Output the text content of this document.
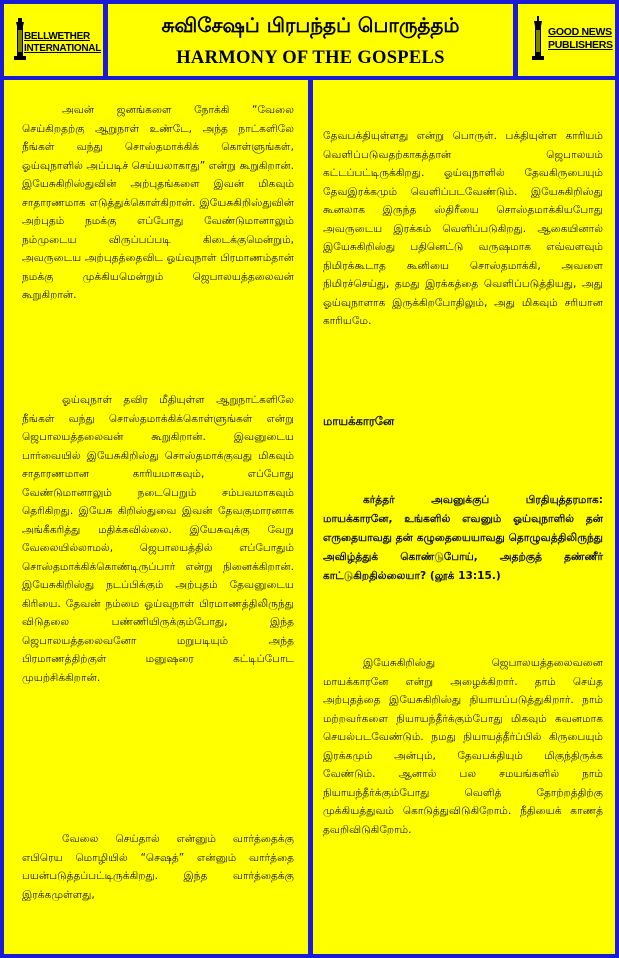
BELLWETHER
INTERNATIONAL
சுவிசேஷப் பிரபந்தப் பொருத்தம்
HARMONY OF THE GOSPELS
GOOD NEWS
PUBLISHERS

அவன் ஜனங்களை நோக்கி “வேலை செய்கிறதற்கு ஆறுநாள் உண்டே, அந்த நாட்களிலே நீங்கள் வந்து சொஸ்தமாக்கிக் கொள்ளுங்கள், ஓய்வுநாளில் அப்படிச் செய்யலாகாது” என்று கூறுகிறான். இயேசுகிறிஸ்துவின் அற்புதங்களை இவன் மிகவும் சாதாரணமாக எடுத்துக்கொள்கிறான். இயேசுகிறிஸ்துவின் அற்புதம் நமக்கு எப்போது வேண்டுமானாலும் நம்முடைய விருப்பப்படி கிடைக்குமென்றும், அவருடைய அற்புதத்தைவிட ஓய்வுநாள் பிரமாணம்தான் நமக்கு முக்கியமென்றும் ஜெபாலயத்தலைவன் கூறுகிறான்.

ஓய்வுநாள் தவிர மீதியுள்ள ஆறுநாட்களிலே நீங்கள் வந்து சொஸ்தமாக்கிக்கொள்ளுங்கள் என்று ஜெபாலயத்தலைவன் கூறுகிறான். இவனுடைய பார்வையில் இயேசுகிறிஸ்து சொஸ்தமாக்குவது மிகவும் சாதாரணமான காரியமாகவும், எப்போது வேண்டுமானாலும் நடைபெறும் சம்பவமாகவும் தெரிகிறது. இயேசு கிறிஸ்துவை இவன் தேவகுமாரனாக அங்கீகரித்து மதிக்கவில்லை. இயேசுவுக்கு வேறு வேலையில்லாமல், ஜெபாலயத்தில் எப்போதும் சொஸ்தமாக்கிக்கொண்டிருப்பார் என்று நினைக்கிறான். இயேசுகிறிஸ்து நடப்பிக்கும் அற்புதம் தேவனுடைய கிரியை. தேவன் நம்மை ஓய்வுநாள் பிரமாணத்திலிருந்து விடுதலை பண்ணியிருக்கும்போது, இந்த ஜெபாலயத்தலைவனோ மறுபடியும் அந்த பிரமாணத்திற்குள் மனுஷரை கட்டிப்போட முயற்சிக்கிறான்.

வேலை செய்தால் என்னும் வார்த்தைக்கு எபிரெய மொழியில் “செஷத்” என்னும் வார்த்தை பயன்படுத்தப்பட்டிருக்கிறது. இந்த வார்த்தைக்கு இரக்கமுள்ளது,

தேவபக்தியுள்ளது என்று பொருள். பக்தியுள்ள காரியம் வெளிப்படுவதற்காகத்தான் ஜெபாலயம் கட்டப்பட்டிருக்கிறது. ஓய்வுநாளில் தேவகிருபையும் தேவஇரக்கமும் வெளிப்படவேண்டும். இயேசுகிறிஸ்து கூனலாக இருந்த ஸ்திரீயை சொஸ்தமாக்கியபோது அவருடைய இரக்கம் வெளிப்படுகிறது. ஆகையினால் இயேசுகிறிஸ்து பதினெட்டு வருஷமாக எவ்வளவும் நிமிரக்கூடாத கூனியை சொஸ்தமாக்கி, அவளை நிமிரச்செய்து, தமது இரக்கத்தை வெளிப்படுத்தியது, அது ஓய்வுநாளாக இருக்கிறபோதிலும், அது மிகவும் சரியான காரியமே.

மாயக்காரனே

கர்த்தர் அவனுக்குப் பிரதியுத்தரமாக: மாயக்காரனே, உங்களில் எவனும் ஓய்வுநாளில் தன் எருதையாவது தன் கழுதையையாவது தொழுவத்திலிருந்து அவிழ்த்துக் கொண்டுபோய், அதற்குத் தண்ணீர் காட்டுகிறதில்லையா? (லூக் 13:15.)

இயேசுகிறிஸ்து ஜெபாலயத்தலைவனை மாயக்காரனே என்று அழைக்கிறார். தாம் செய்த அற்புதத்தை இயேசுகிறிஸ்து நியாயப்படுத்துகிறார். நாம் மற்றவர்களை நியாயந்தீர்க்கும்போது மிகவும் கவனமாக செயல்படவேண்டும். நமது நியாயத்தீர்ப்பில் கிருபையும் இரக்கமும் அன்பும், தேவபக்தியும் மிகுந்திருக்க வேண்டும். ஆனால் பல சமயங்களில் நாம் நியாயந்தீர்க்கும்போது வெளித் தோற்றத்திற்கு முக்கியத்துவம் கொடுத்துவிடுகிறோம். நீதியைக் காணத் தவறிவிடுகிறோம்.
